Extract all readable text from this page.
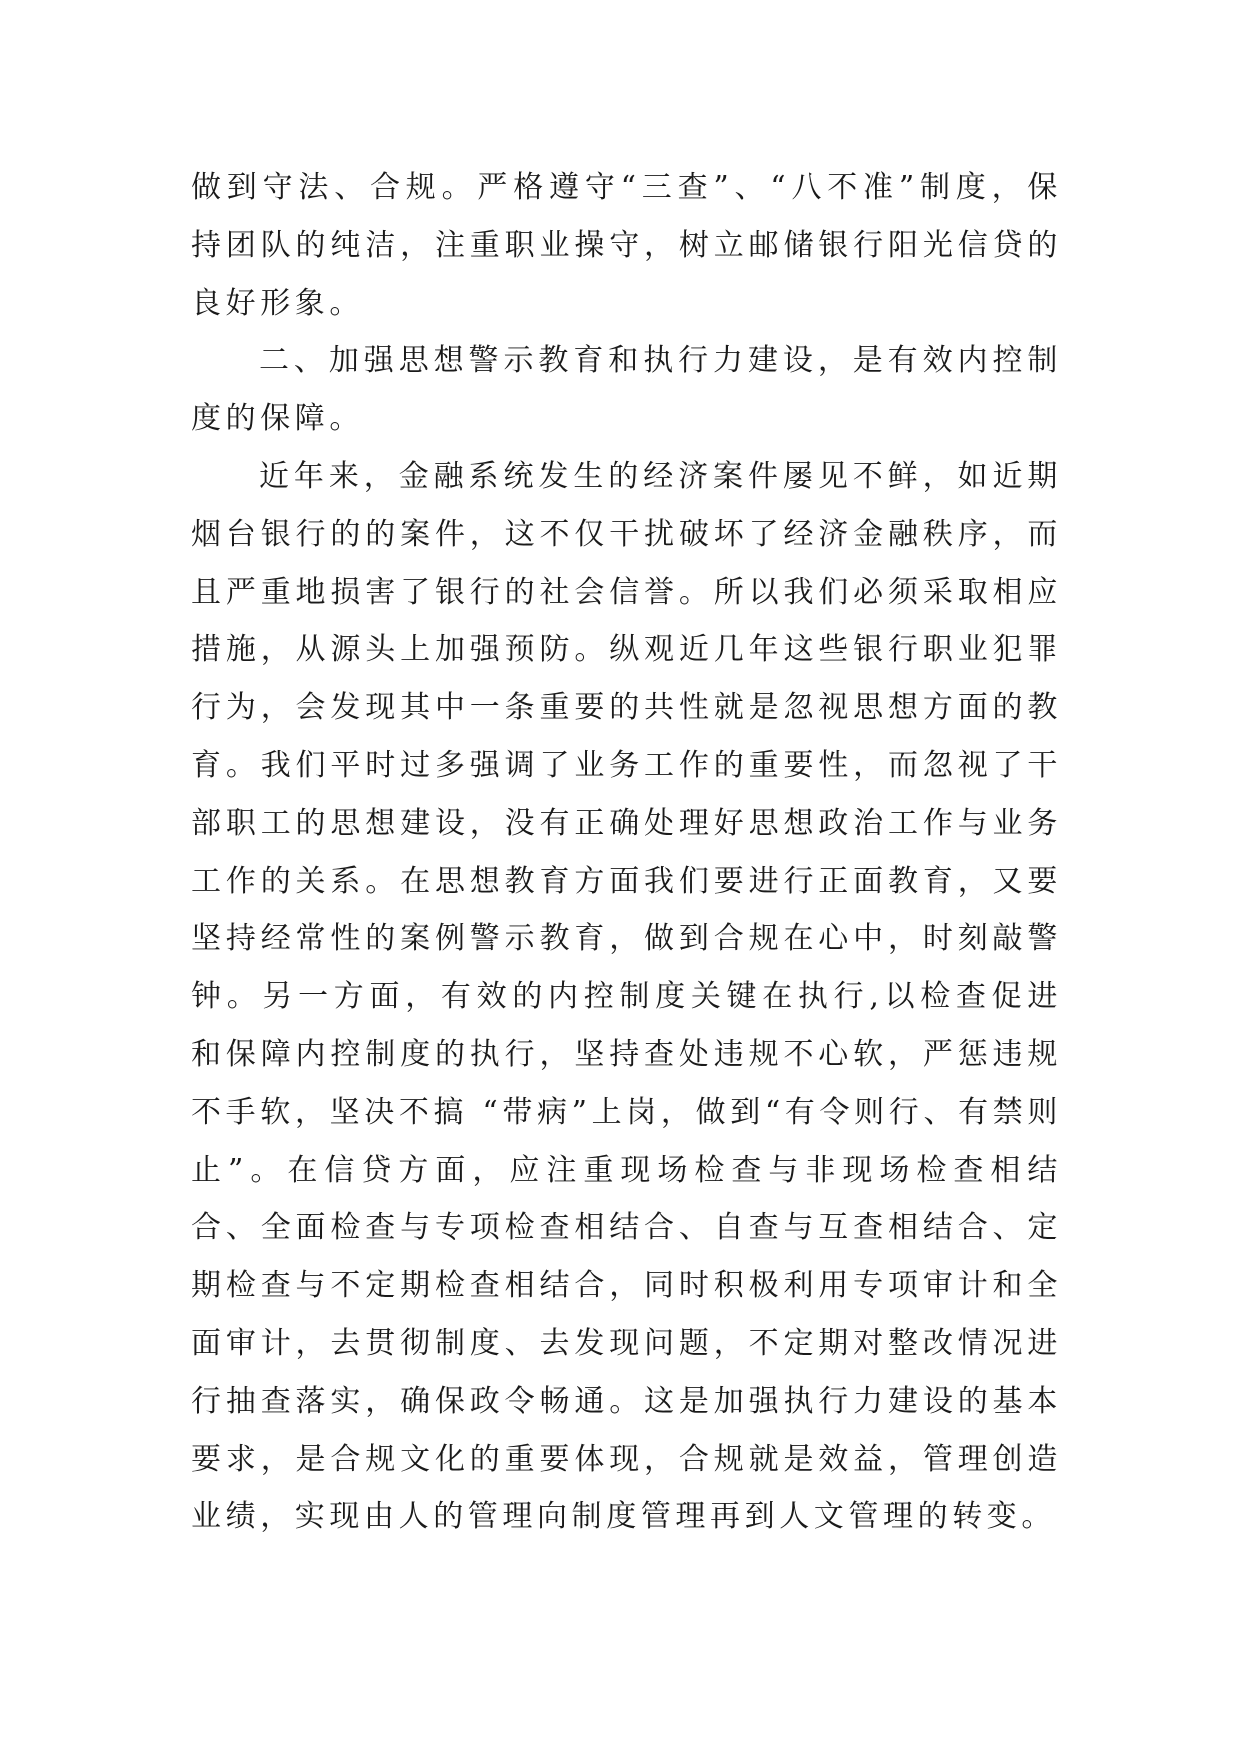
做到守法、合规。严格遵守“三查”、“八不准”制度，保持团队的纯洁，注重职业操守，树立邮储银行阳光信贷的良好形象。

二、加强思想警示教育和执行力建设，是有效内控制度的保障。

近年来，金融系统发生的经济案件屡见不鲜，如近期烟台银行的的案件，这不仅干扰破坏了经济金融秩序，而且严重地损害了银行的社会信誉。所以我们必须采取相应措施，从源头上加强预防。纵观近几年这些银行职业犯罪行为，会发现其中一条重要的共性就是忽视思想方面的教育。我们平时过多强调了业务工作的重要性，而忽视了干部职工的思想建设，没有正确处理好思想政治工作与业务工作的关系。在思想教育方面我们要进行正面教育，又要坚持经常性的案例警示教育，做到合规在心中，时刻敲警钟。另一方面，有效的内控制度关键在执行,以检查促进和保障内控制度的执行，坚持查处违规不心软，严惩违规不手软，坚决不搞 “带病”上岗，做到“有令则行、有禁则止”。在信贷方面，应注重现场检查与非现场检查相结合、全面检查与专项检查相结合、自查与互查相结合、定期检查与不定期检查相结合，同时积极利用专项审计和全面审计，去贯彻制度、去发现问题，不定期对整改情况进行抽查落实，确保政令畅通。这是加强执行力建设的基本要求，是合规文化的重要体现，合规就是效益，管理创造业绩，实现由人的管理向制度管理再到人文管理的转变。
